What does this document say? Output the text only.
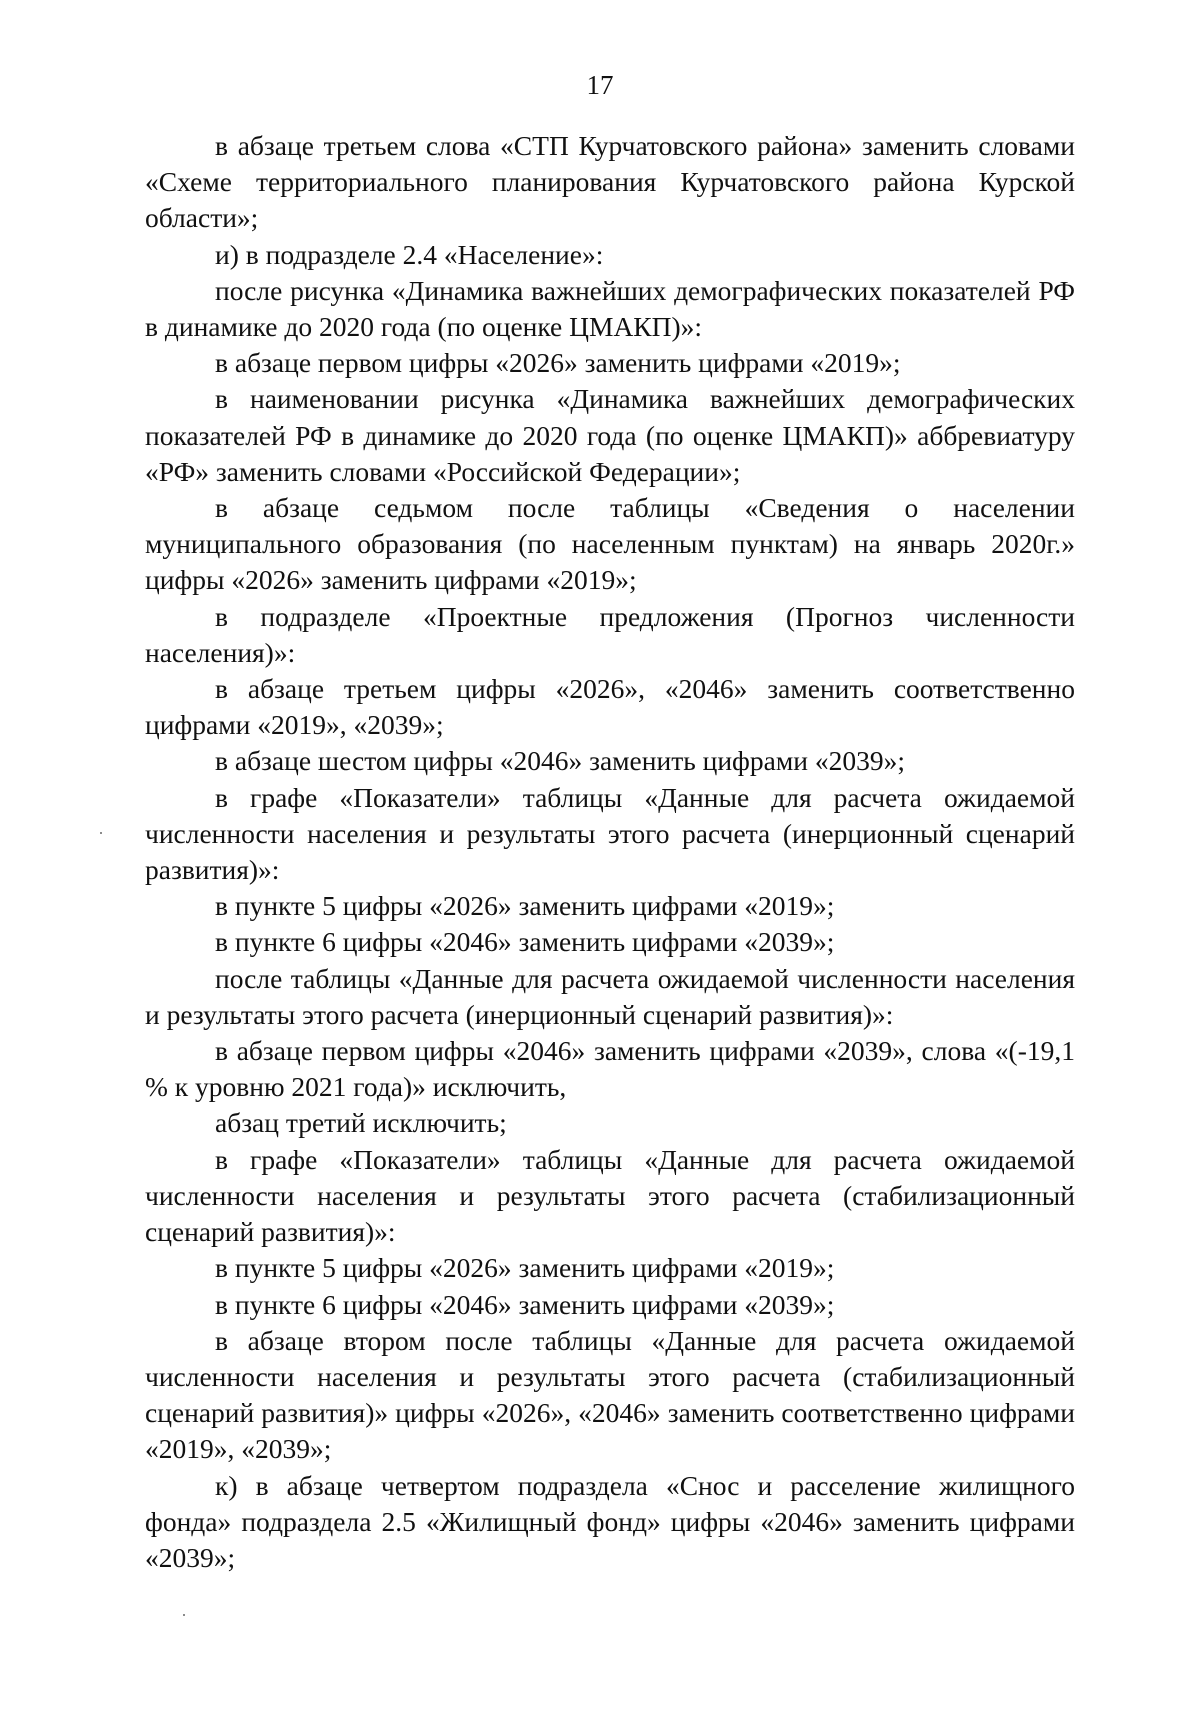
17

в абзаце третьем слова «СТП Курчатовского района» заменить словами «Схеме территориального планирования Курчатовского района Курской области»;

и) в подразделе 2.4 «Население»:

после рисунка «Динамика важнейших демографических показателей РФ в динамике до 2020 года (по оценке ЦМАКП)»:

в абзаце первом цифры «2026» заменить цифрами «2019»;

в наименовании рисунка «Динамика важнейших демографических показателей РФ в динамике до 2020 года (по оценке ЦМАКП)» аббревиатуру «РФ» заменить словами «Российской Федерации»;

в абзаце седьмом после таблицы «Сведения о населении муниципального образования (по населенным пунктам) на январь 2020г.» цифры «2026» заменить цифрами «2019»;

в подразделе «Проектные предложения (Прогноз численности населения)»:

в абзаце третьем цифры «2026», «2046» заменить соответственно цифрами «2019», «2039»;

в абзаце шестом цифры «2046» заменить цифрами «2039»;

в графе «Показатели» таблицы «Данные для расчета ожидаемой численности населения и результаты этого расчета (инерционный сценарий развития)»:

в пункте 5 цифры «2026» заменить цифрами «2019»;

в пункте 6 цифры «2046» заменить цифрами «2039»;

после таблицы «Данные для расчета ожидаемой численности населения и результаты этого расчета (инерционный сценарий развития)»:

в абзаце первом цифры «2046» заменить цифрами «2039», слова «(-19,1 % к уровню 2021 года)» исключить,

абзац третий исключить;

в графе «Показатели» таблицы «Данные для расчета ожидаемой численности населения и результаты этого расчета (стабилизационный сценарий развития)»:

в пункте 5 цифры «2026» заменить цифрами «2019»;

в пункте 6 цифры «2046» заменить цифрами «2039»;

в абзаце втором после таблицы «Данные для расчета ожидаемой численности населения и результаты этого расчета (стабилизационный сценарий развития)» цифры «2026», «2046» заменить соответственно цифрами «2019», «2039»;

к) в абзаце четвертом подраздела «Снос и расселение жилищного фонда» подраздела 2.5 «Жилищный фонд» цифры «2046» заменить цифрами «2039»;
